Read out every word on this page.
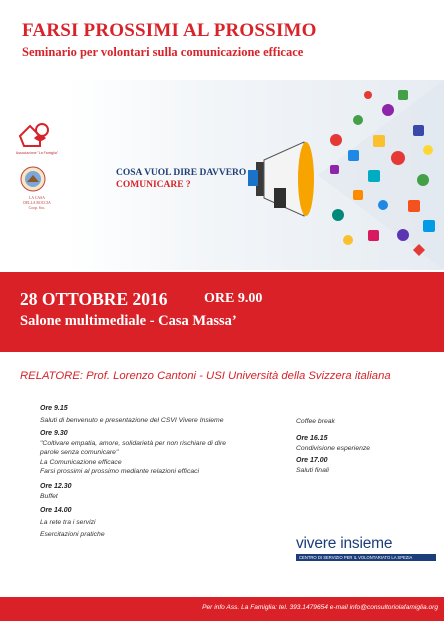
FARSI PROSSIMI AL PROSSIMO
Seminario per volontari sulla comunicazione efficace
Associazione "La Famiglia"
LA CASA
DELLA ROCCIA
Coop. Soc.
COSA VUOL DIRE DAVVERO
COMUNICARE ?
28 OTTOBRE 2016	ORE 9.00
Salone multimediale - Casa Massa’
RELATORE: Prof. Lorenzo Cantoni - USI Università della Svizzera italiana
Ore 9.15
Saluti di benvenuto e presentazione del CSVI Vivere Insieme
Ore 9.30
"Coltivare empatia, amore, solidarietà per non rischiare di dire
parole senza comunicare"
La Comunicazione efficace
Farsi prossimi al prossimo mediante relazioni efficaci
Ore 12.30
Buffet
Ore 14.00
La rete tra i servizi
Esercitazioni pratiche
Coffee break
Ore 16.15
Condivisione esperienze
Ore 17.00
Saluti finali
vivere insieme
CENTRO DI SERVIZIO PER IL VOLONTARIATO LA SPEZIA
Per info Ass. La Famiglia: tel. 393.1479654 e-mail info@consultoriolafamiglia.org
